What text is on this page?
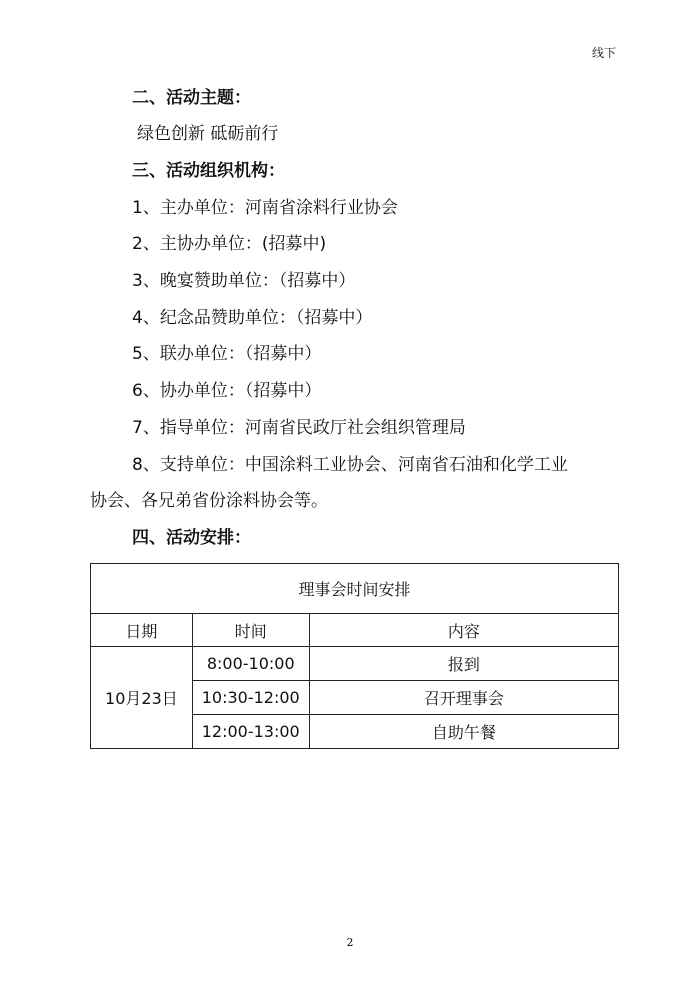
线下
二、活动主题：
绿色创新 砥砺前行
三、活动组织机构：
1、主办单位：河南省涂料行业协会
2、主协办单位：(招募中)
3、晚宴赞助单位：（招募中）
4、纪念品赞助单位：（招募中）
5、联办单位：（招募中）
6、协办单位：（招募中）
7、指导单位：河南省民政厅社会组织管理局
8、支持单位：中国涂料工业协会、河南省石油和化学工业
协会、各兄弟省份涂料协会等。
四、活动安排：
理事会时间安排		
日期	时间	内容
10月23日	8:00-10:00	报到
	10:30-12:00	召开理事会
	12:00-13:00	自助午餐
2
